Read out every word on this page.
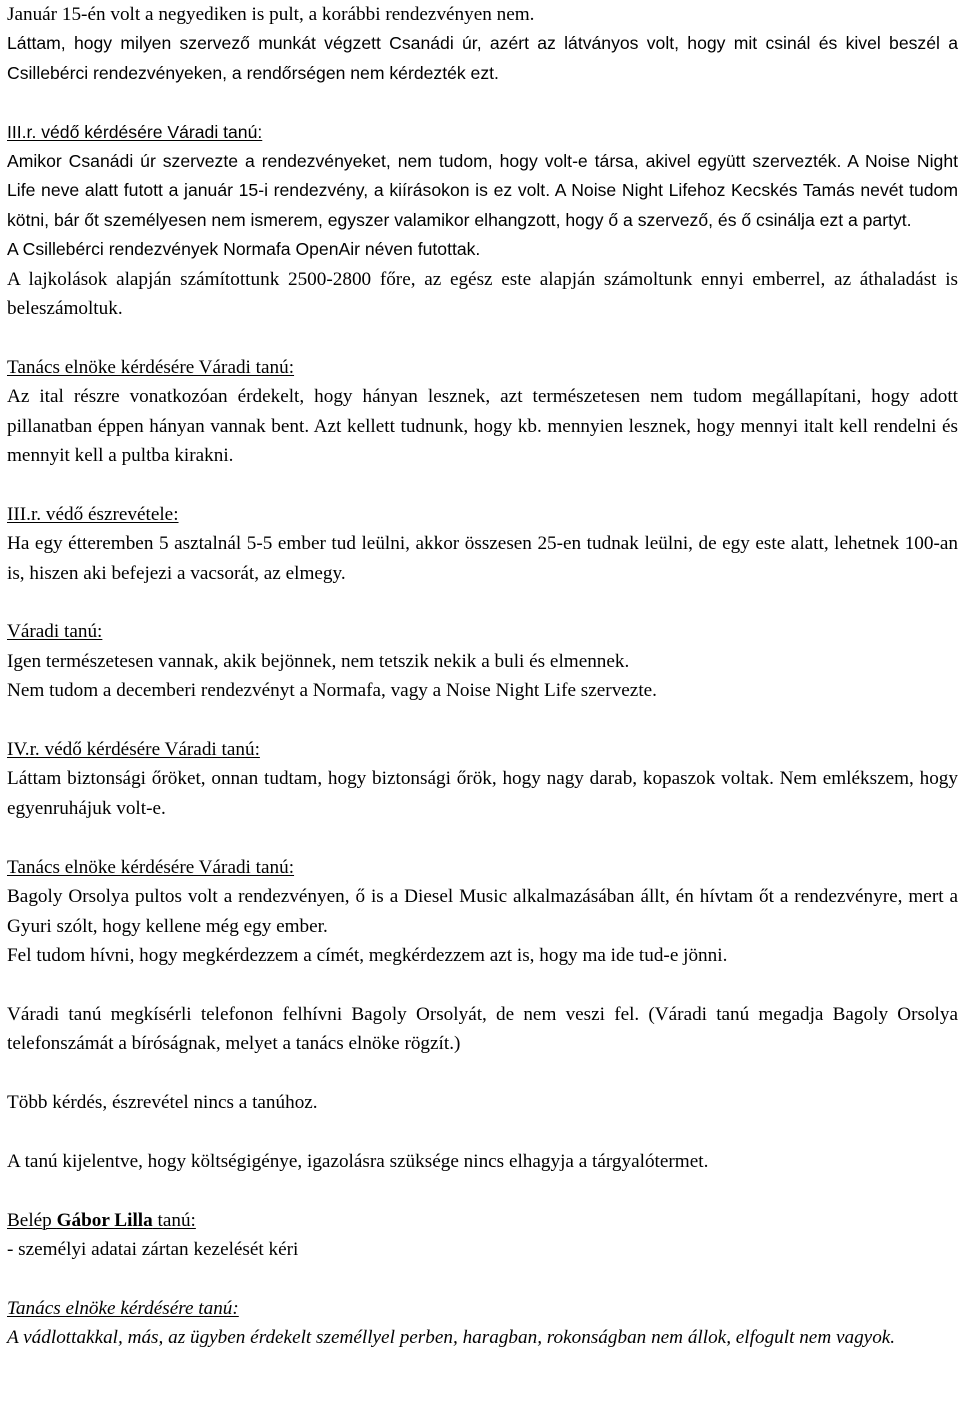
Január 15-én volt a negyediken is pult, a korábbi rendezvényen nem.

Láttam, hogy milyen szervező munkát végzett Csanádi úr, azért az látványos volt, hogy mit csinál és kivel beszél a Csillebérci rendezvényeken, a rendőrségen nem kérdezték ezt.

III.r. védő kérdésére Váradi tanú:

Amikor Csanádi úr szervezte a rendezvényeket, nem tudom, hogy volt-e társa, akivel együtt szervezték. A Noise Night Life neve alatt futott a január 15-i rendezvény, a kiírásokon is ez volt. A Noise Night Lifehoz Kecskés Tamás nevét tudom kötni, bár őt személyesen nem ismerem, egyszer valamikor elhangzott, hogy ő a szervező, és ő csinálja ezt a partyt.

A Csillebérci rendezvények Normafa OpenAir néven futottak.

A lajkolások alapján számítottunk 2500-2800 főre, az egész este alapján számoltunk ennyi emberrel, az áthaladást is beleszámoltuk.

Tanács elnöke kérdésére Váradi tanú:

Az ital részre vonatkozóan érdekelt, hogy hányan lesznek, azt természetesen nem tudom megállapítani, hogy adott pillanatban éppen hányan vannak bent. Azt kellett tudnunk, hogy kb. mennyien lesznek, hogy mennyi italt kell rendelni és mennyit kell a pultba kirakni.

III.r. védő észrevétele:

Ha egy étteremben 5 asztalnál 5-5 ember tud leülni, akkor összesen 25-en tudnak leülni, de egy este alatt, lehetnek 100-an is, hiszen aki befejezi a vacsorát, az elmegy.

Váradi tanú:

Igen természetesen vannak, akik bejönnek, nem tetszik nekik a buli és elmennek.

Nem tudom a decemberi rendezvényt a Normafa, vagy a Noise Night Life szervezte.

IV.r. védő kérdésére Váradi tanú:

Láttam biztonsági őröket, onnan tudtam, hogy biztonsági őrök, hogy nagy darab, kopaszok voltak. Nem emlékszem, hogy egyenruhájuk volt-e.

Tanács elnöke kérdésére Váradi tanú:

Bagoly Orsolya pultos volt a rendezvényen, ő is a Diesel Music alkalmazásában állt, én hívtam őt a rendezvényre, mert a Gyuri szólt, hogy kellene még egy ember.

Fel tudom hívni, hogy megkérdezzem a címét, megkérdezzem azt is, hogy ma ide tud-e jönni.

Váradi tanú megkísérli telefonon felhívni Bagoly Orsolyát, de nem veszi fel. (Váradi tanú megadja Bagoly Orsolya telefonszámát a bíróságnak, melyet a tanács elnöke rögzít.)

Több kérdés, észrevétel nincs a tanúhoz.

A tanú kijelentve, hogy költségigénye, igazolásra szüksége nincs elhagyja a tárgyalótermet.

Belép Gábor Lilla tanú:

- személyi adatai zártan kezelését kéri

Tanács elnöke kérdésére tanú:

A vádlottakkal, más, az ügyben érdekelt személlyel perben, haragban, rokonságban nem állok, elfogult nem vagyok.
